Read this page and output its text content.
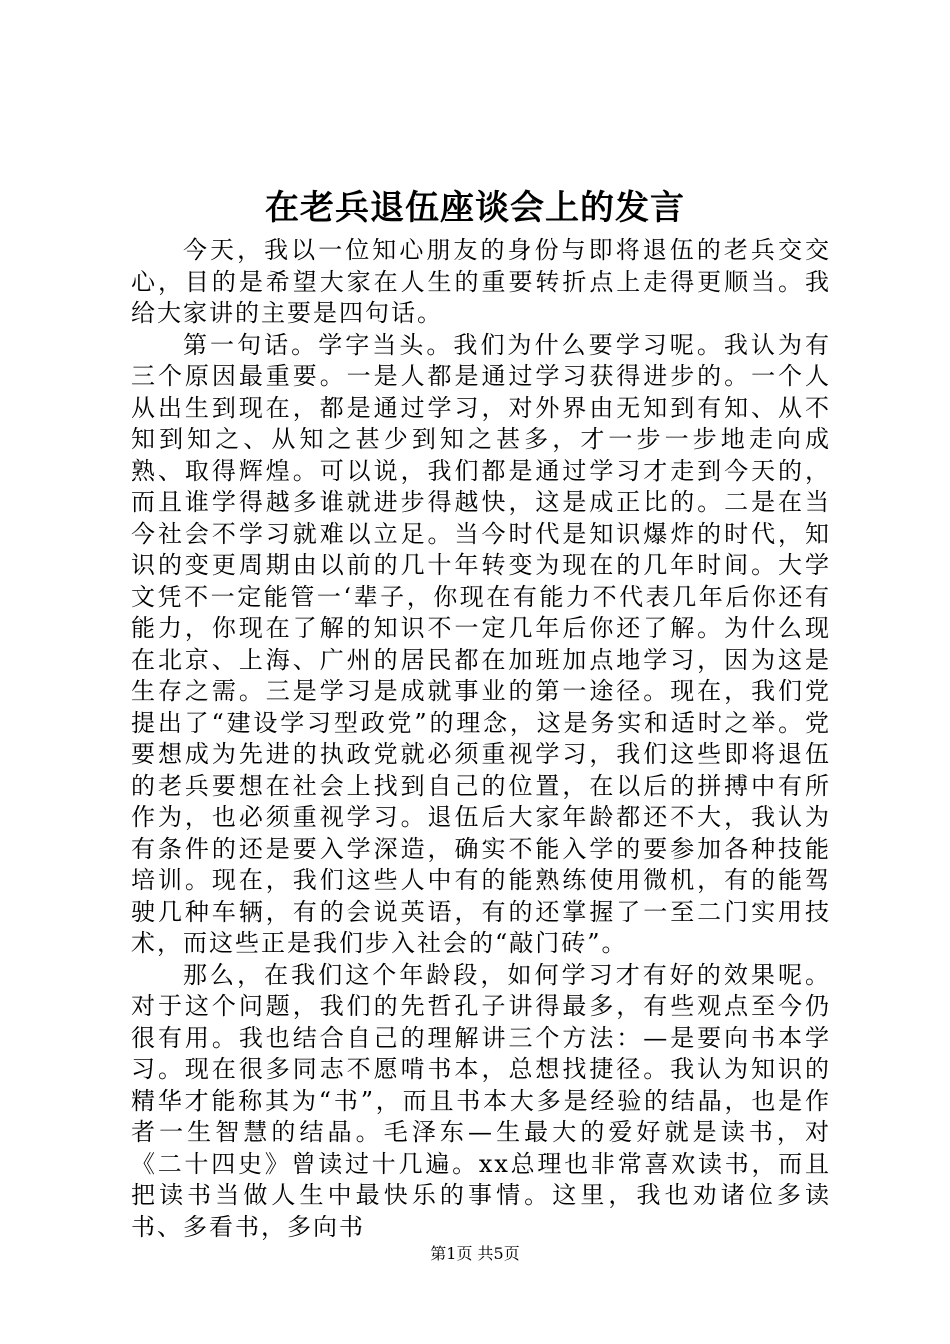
在老兵退伍座谈会上的发言

今天，我以一位知心朋友的身份与即将退伍的老兵交交心，目的是希望大家在人生的重要转折点上走得更顺当。我给大家讲的主要是四句话。

第一句话。学字当头。我们为什么要学习呢。我认为有三个原因最重要。一是人都是通过学习获得进步的。一个人从出生到现在，都是通过学习，对外界由无知到有知、从不知到知之、从知之甚少到知之甚多，才一步一步地走向成熟、取得辉煌。可以说，我们都是通过学习才走到今天的，而且谁学得越多谁就进步得越快，这是成正比的。二是在当今社会不学习就难以立足。当今时代是知识爆炸的时代，知识的变更周期由以前的几十年转变为现在的几年时间。大学文凭不一定能管一‘辈子，你现在有能力不代表几年后你还有能力，你现在了解的知识不一定几年后你还了解。为什么现在北京、上海、广州的居民都在加班加点地学习，因为这是生存之需。三是学习是成就事业的第一途径。现在，我们党提出了“建设学习型政党”的理念，这是务实和适时之举。党要想成为先进的执政党就必须重视学习，我们这些即将退伍的老兵要想在社会上找到自己的位置，在以后的拼搏中有所作为，也必须重视学习。退伍后大家年龄都还不大，我认为有条件的还是要入学深造，确实不能入学的要参加各种技能培训。现在，我们这些人中有的能熟练使用微机，有的能驾驶几种车辆，有的会说英语，有的还掌握了一至二门实用技术，而这些正是我们步入社会的“敲门砖”。

那么，在我们这个年龄段，如何学习才有好的效果呢。对于这个问题，我们的先哲孔子讲得最多，有些观点至今仍很有用。我也结合自己的理解讲三个方法：—是要向书本学习。现在很多同志不愿啃书本，总想找捷径。我认为知识的精华才能称其为“书”，而且书本大多是经验的结晶，也是作者一生智慧的结晶。毛泽东—生最大的爱好就是读书，对《二十四史》曾读过十几遍。xx总理也非常喜欢读书，而且把读书当做人生中最快乐的事情。这里，我也劝诸位多读书、多看书，多向书

第1页 共5页
